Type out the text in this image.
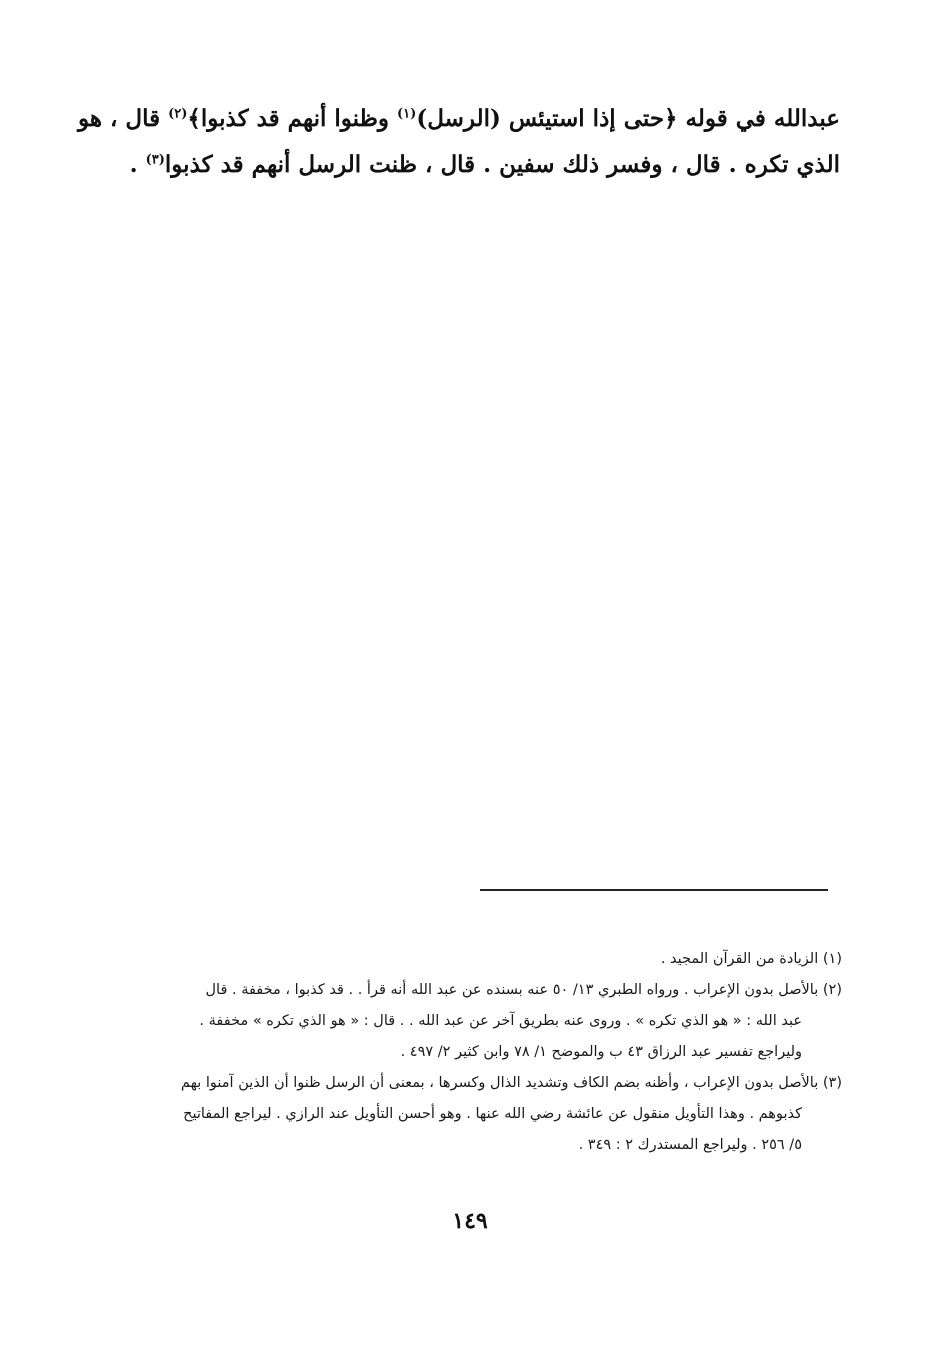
عبدالله في قوله ﴿حتى إذا استيئس (الرسل)$^{(١)}$ وظنوا أنهم قد كذبوا﴾$^{(٢)}$ قال ، هو
الذي تكره . قال ، وفسر ذلك سفين . قال ، ظنت الرسل أنهم قد كذبوا$^{(٣)}$ .
(١) الزيادة من القرآن المجيد .
(٢) بالأصل بدون الإعراب . ورواه الطبري ١٣/ ٥٠ عنه بسنده عن عبد الله أنه قرأ . . قد كذبوا ، مخففة . قال
عبد الله : « هو الذي تكره » . وروى عنه بطريق آخر عن عبد الله . . قال : « هو الذي تكره » مخففة .
وليراجع تفسير عبد الرزاق ٤٣ ب والموضح ١/ ٧٨ وابن كثير ٢/ ٤٩٧ .
(٣) بالأصل بدون الإعراب ، وأظنه بضم الكاف وتشديد الذال وكسرها ، بمعنى أن الرسل ظنوا أن الذين آمنوا بهم
كذبوهم . وهذا التأويل منقول عن عائشة رضي الله عنها . وهو أحسن التأويل عند الرازي . ليراجع المفاتيح
٥/ ٢٥٦ . وليراجع المستدرك ٢ : ٣٤٩ .
١٤٩
